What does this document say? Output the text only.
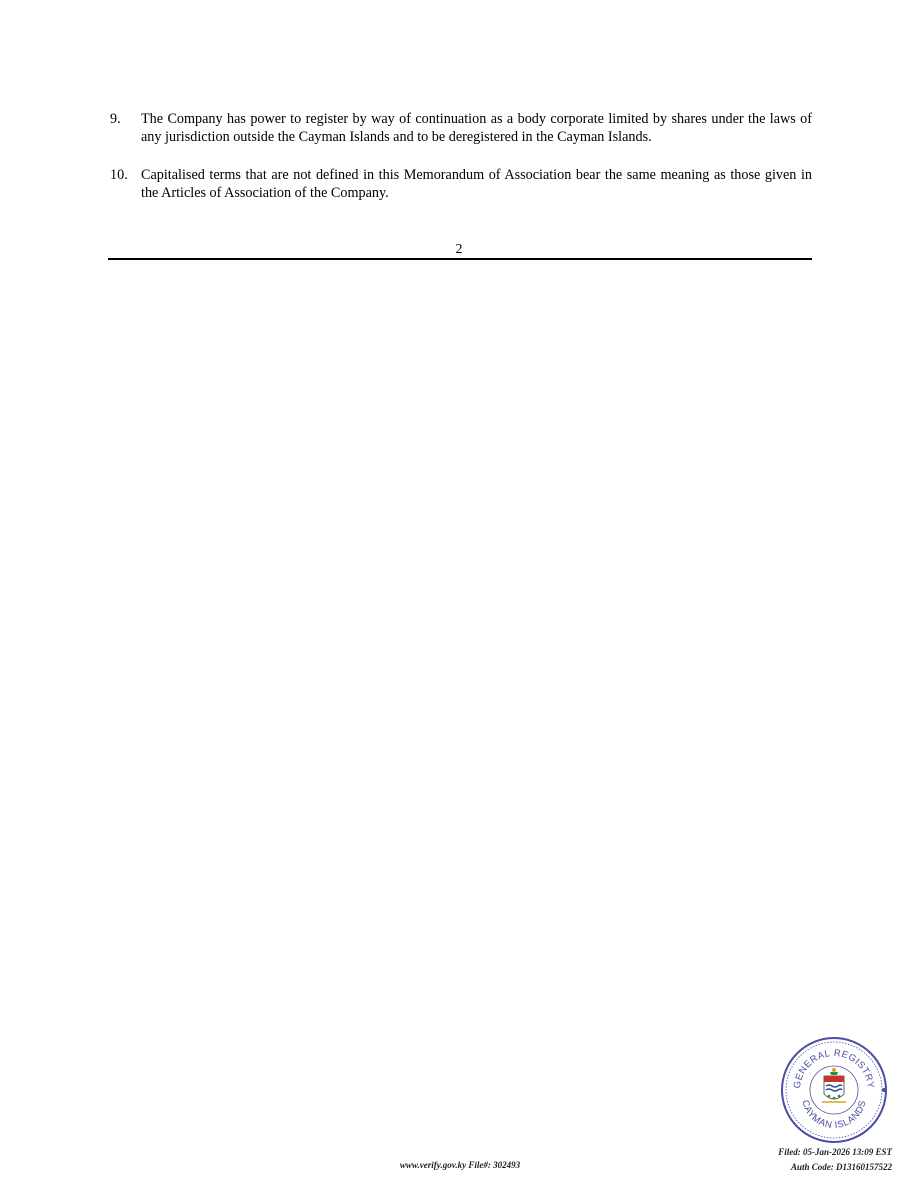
9.	The Company has power to register by way of continuation as a body corporate limited by shares under the laws of any jurisdiction outside the Cayman Islands and to be deregistered in the Cayman Islands.
10. Capitalised terms that are not defined in this Memorandum of Association bear the same meaning as those given in the Articles of Association of the Company.
2
GENERAL REGISTRY
CAYMAN ISLANDS
www.verify.gov.ky File#: 302493
Filed: 05-Jan-2026 13:09 EST
Auth Code: D13160157522
